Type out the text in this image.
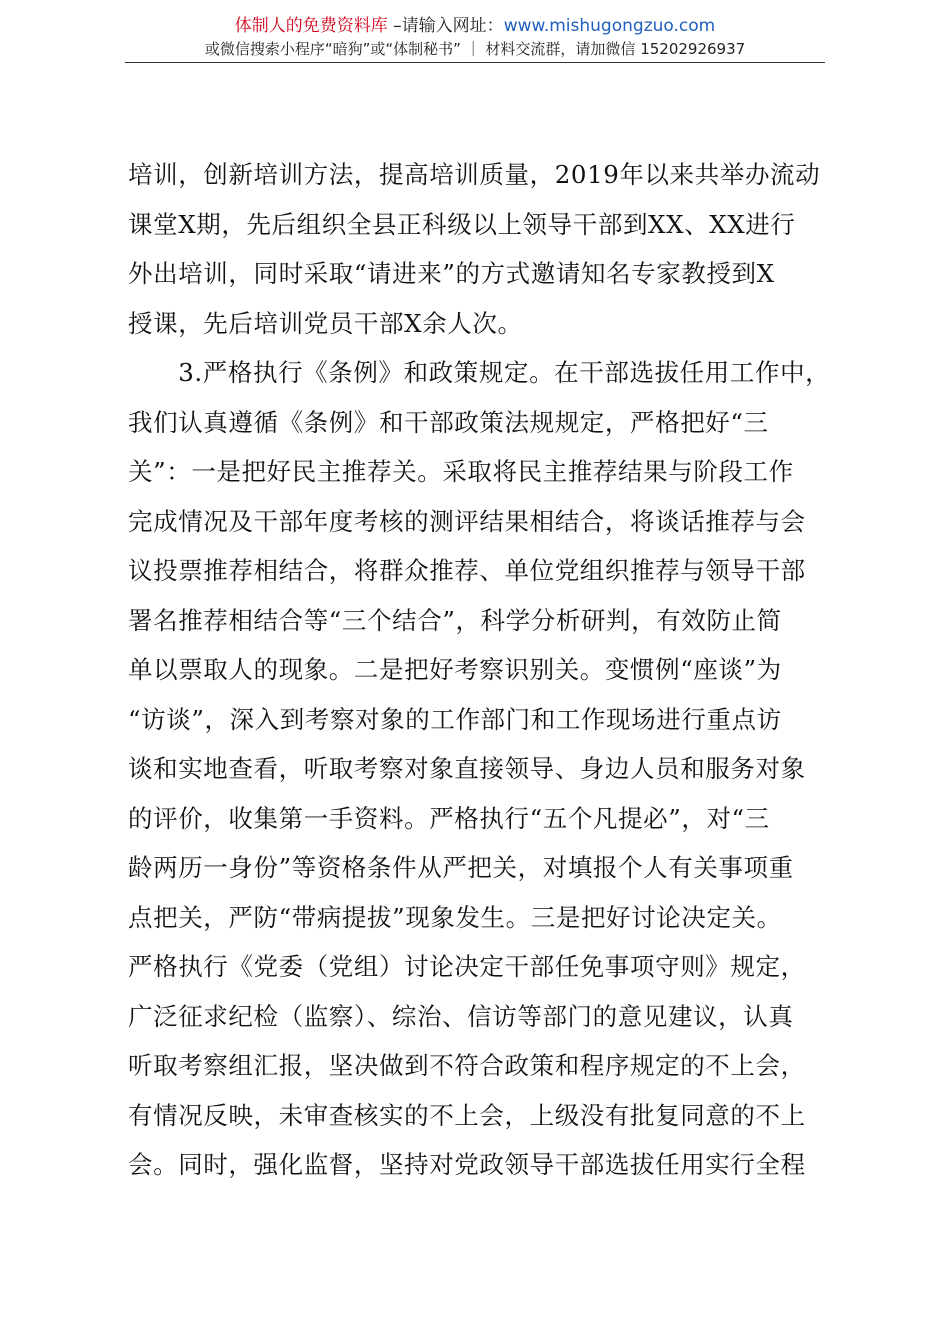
体制人的免费资料库 –请输入网址：www.mishugongzuo.com
或微信搜索小程序“暗狗”或“体制秘书” ｜ 材料交流群，请加微信 15202926937
培训，创新培训方法，提高培训质量，2019年以来共举办流动
课堂X期，先后组织全县正科级以上领导干部到XX、XX进行
外出培训，同时采取“请进来”的方式邀请知名专家教授到X
授课，先后培训党员干部X余人次。
　　3.严格执行《条例》和政策规定。在干部选拔任用工作中，
我们认真遵循《条例》和干部政策法规规定，严格把好“三
关”：一是把好民主推荐关。采取将民主推荐结果与阶段工作
完成情况及干部年度考核的测评结果相结合，将谈话推荐与会
议投票推荐相结合，将群众推荐、单位党组织推荐与领导干部
署名推荐相结合等“三个结合”，科学分析研判，有效防止简
单以票取人的现象。二是把好考察识别关。变惯例“座谈”为
“访谈”，深入到考察对象的工作部门和工作现场进行重点访
谈和实地查看，听取考察对象直接领导、身边人员和服务对象
的评价，收集第一手资料。严格执行“五个凡提必”，对“三
龄两历一身份”等资格条件从严把关，对填报个人有关事项重
点把关，严防“带病提拔”现象发生。三是把好讨论决定关。
严格执行《党委（党组）讨论决定干部任免事项守则》规定，
广泛征求纪检（监察）、综治、信访等部门的意见建议，认真
听取考察组汇报，坚决做到不符合政策和程序规定的不上会，
有情况反映，未审查核实的不上会，上级没有批复同意的不上
会。同时，强化监督，坚持对党政领导干部选拔任用实行全程
